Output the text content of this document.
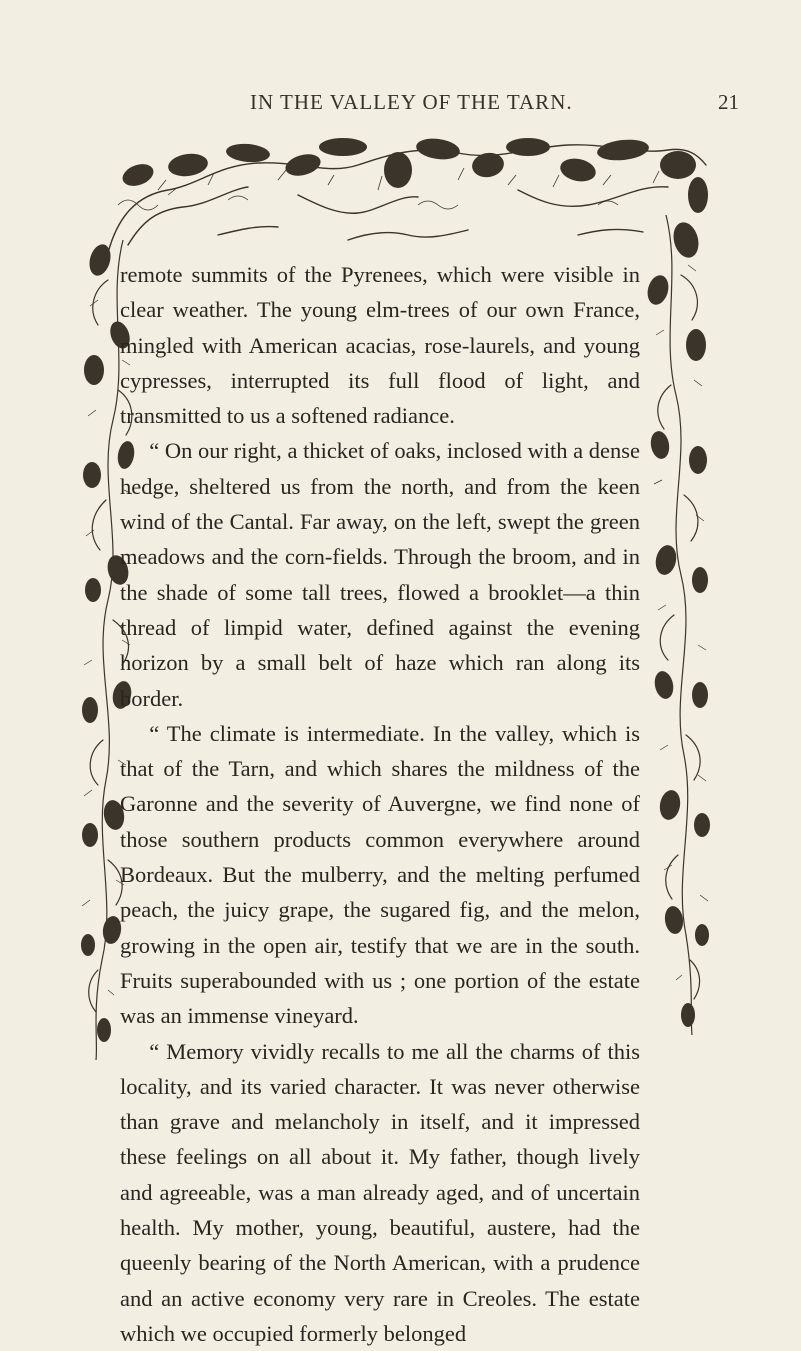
IN THE VALLEY OF THE TARN.	21

remote summits of the Pyrenees, which were visible in clear weather. The young elm-trees of our own France, mingled with American acacias, rose-laurels, and young cypresses, interrupted its full flood of light, and transmitted to us a softened radiance.

“ On our right, a thicket of oaks, inclosed with a dense hedge, sheltered us from the north, and from the keen wind of the Cantal. Far away, on the left, swept the green meadows and the corn-fields. Through the broom, and in the shade of some tall trees, flowed a brooklet—a thin thread of limpid water, defined against the evening horizon by a small belt of haze which ran along its border.

“ The climate is intermediate. In the valley, which is that of the Tarn, and which shares the mildness of the Garonne and the severity of Auvergne, we find none of those southern products common everywhere around Bordeaux. But the mulberry, and the melting perfumed peach, the juicy grape, the sugared fig, and the melon, growing in the open air, testify that we are in the south. Fruits superabounded with us ; one portion of the estate was an immense vineyard.

“ Memory vividly recalls to me all the charms of this locality, and its varied character. It was never otherwise than grave and melancholy in itself, and it impressed these feelings on all about it. My father, though lively and agreeable, was a man already aged, and of uncertain health. My mother, young, beautiful, austere, had the queenly bearing of the North American, with a prudence and an active economy very rare in Creoles. The estate which we occupied formerly belonged
